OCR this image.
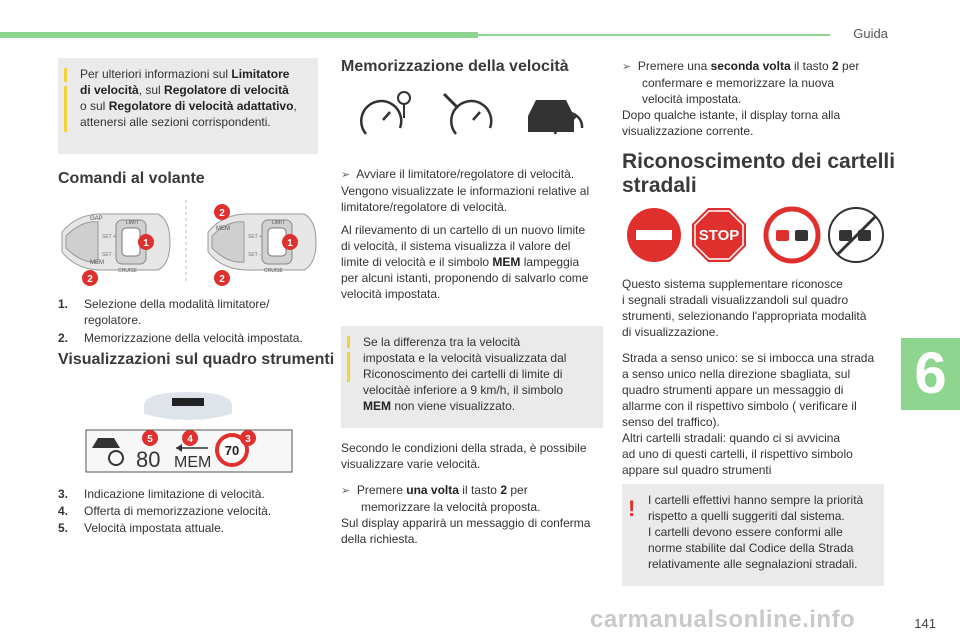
Guida
6
141
carmanualsonline.info
Per ulteriori informazioni sul Limitatore
di velocità, sul Regolatore di velocità
o sul Regolatore di velocità adattativo,
attenersi alle sezioni corrispondenti.
Comandi al volante
GAP
LIMIT
MEM
CRUISE
SET +
SET -
1
2
MEM
LIMIT
CRUISE
SET +
SET -
2
1
2
1. Selezione della modalità limitatore/
regolatore.
2. Memorizzazione della velocità impostata.
Visualizzazioni sul quadro strumenti
80 MEM
70
5	4	3
3. Indicazione limitazione di velocità.
4. Offerta di memorizzazione velocità.
5. Velocità impostata attuale.
Memorizzazione della velocità
➢ Avviare il limitatore/regolatore di velocità.
Vengono visualizzate le informazioni relative al
limitatore/regolatore di velocità.
Al rilevamento di un cartello di un nuovo limite
di velocità, il sistema visualizza il valore del
limite di velocità e il simbolo MEM lampeggia
per alcuni istanti, proponendo di salvarlo come
velocità impostata.
Se la differenza tra la velocità
impostata e la velocità visualizzata dal
Riconoscimento dei cartelli di limite di
velocitàè inferiore a 9 km/h, il simbolo
MEM non viene visualizzato.
Secondo le condizioni della strada, è possibile
visualizzare varie velocità.
➢ Premere una volta il tasto 2 per
memorizzare la velocità proposta.
Sul display apparirà un messaggio di conferma
della richiesta.
➢ Premere una seconda volta il tasto 2 per
confermare e memorizzare la nuova
velocità impostata.
Dopo qualche istante, il display torna alla
visualizzazione corrente.
Riconoscimento dei cartelli
stradali
STOP
Questo sistema supplementare riconosce
i segnali stradali visualizzandoli sul quadro
strumenti, selezionando l'appropriata modalità
di visualizzazione.
Strada a senso unico: se si imbocca una strada
a senso unico nella direzione sbagliata, sul
quadro strumenti appare un messaggio di
allarme con il rispettivo simbolo ( verificare il
senso del traffico).
Altri cartelli stradali: quando ci si avvicina
ad uno di questi cartelli, il rispettivo simbolo
appare sul quadro strumenti
! I cartelli effettivi hanno sempre la priorità
rispetto a quelli suggeriti dal sistema.
I cartelli devono essere conformi alle
norme stabilite dal Codice della Strada
relativamente alle segnalazioni stradali.
